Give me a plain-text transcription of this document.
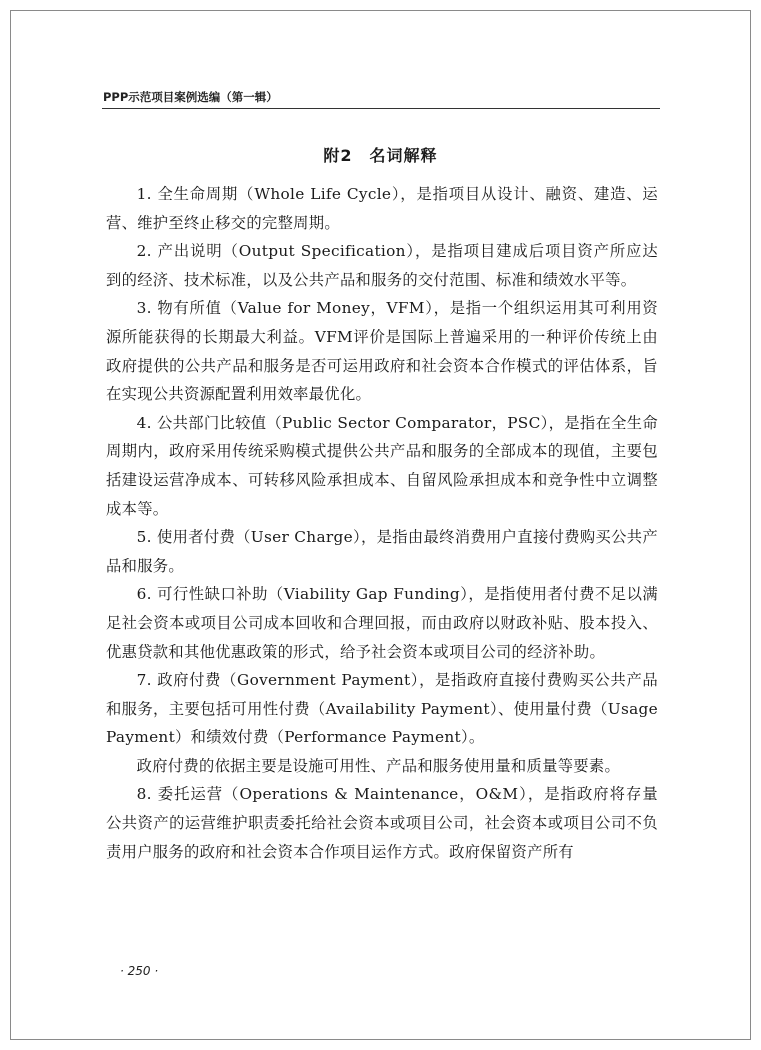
PPP示范项目案例选编（第一辑）
附2　名词解释

1. 全生命周期（Whole Life Cycle），是指项目从设计、融资、建造、运营、维护至终止移交的完整周期。

2. 产出说明（Output Specification），是指项目建成后项目资产所应达到的经济、技术标准，以及公共产品和服务的交付范围、标准和绩效水平等。

3. 物有所值（Value for Money，VFM），是指一个组织运用其可利用资源所能获得的长期最大利益。VFM评价是国际上普遍采用的一种评价传统上由政府提供的公共产品和服务是否可运用政府和社会资本合作模式的评估体系，旨在实现公共资源配置利用效率最优化。

4. 公共部门比较值（Public Sector Comparator，PSC），是指在全生命周期内，政府采用传统采购模式提供公共产品和服务的全部成本的现值，主要包括建设运营净成本、可转移风险承担成本、自留风险承担成本和竞争性中立调整成本等。

5. 使用者付费（User Charge），是指由最终消费用户直接付费购买公共产品和服务。

6. 可行性缺口补助（Viability Gap Funding），是指使用者付费不足以满足社会资本或项目公司成本回收和合理回报，而由政府以财政补贴、股本投入、优惠贷款和其他优惠政策的形式，给予社会资本或项目公司的经济补助。

7. 政府付费（Government Payment），是指政府直接付费购买公共产品和服务，主要包括可用性付费（Availability Payment）、使用量付费（Usage Payment）和绩效付费（Performance Payment）。

政府付费的依据主要是设施可用性、产品和服务使用量和质量等要素。

8. 委托运营（Operations & Maintenance，O&M），是指政府将存量公共资产的运营维护职责委托给社会资本或项目公司，社会资本或项目公司不负责用户服务的政府和社会资本合作项目运作方式。政府保留资产所有

· 250 ·
